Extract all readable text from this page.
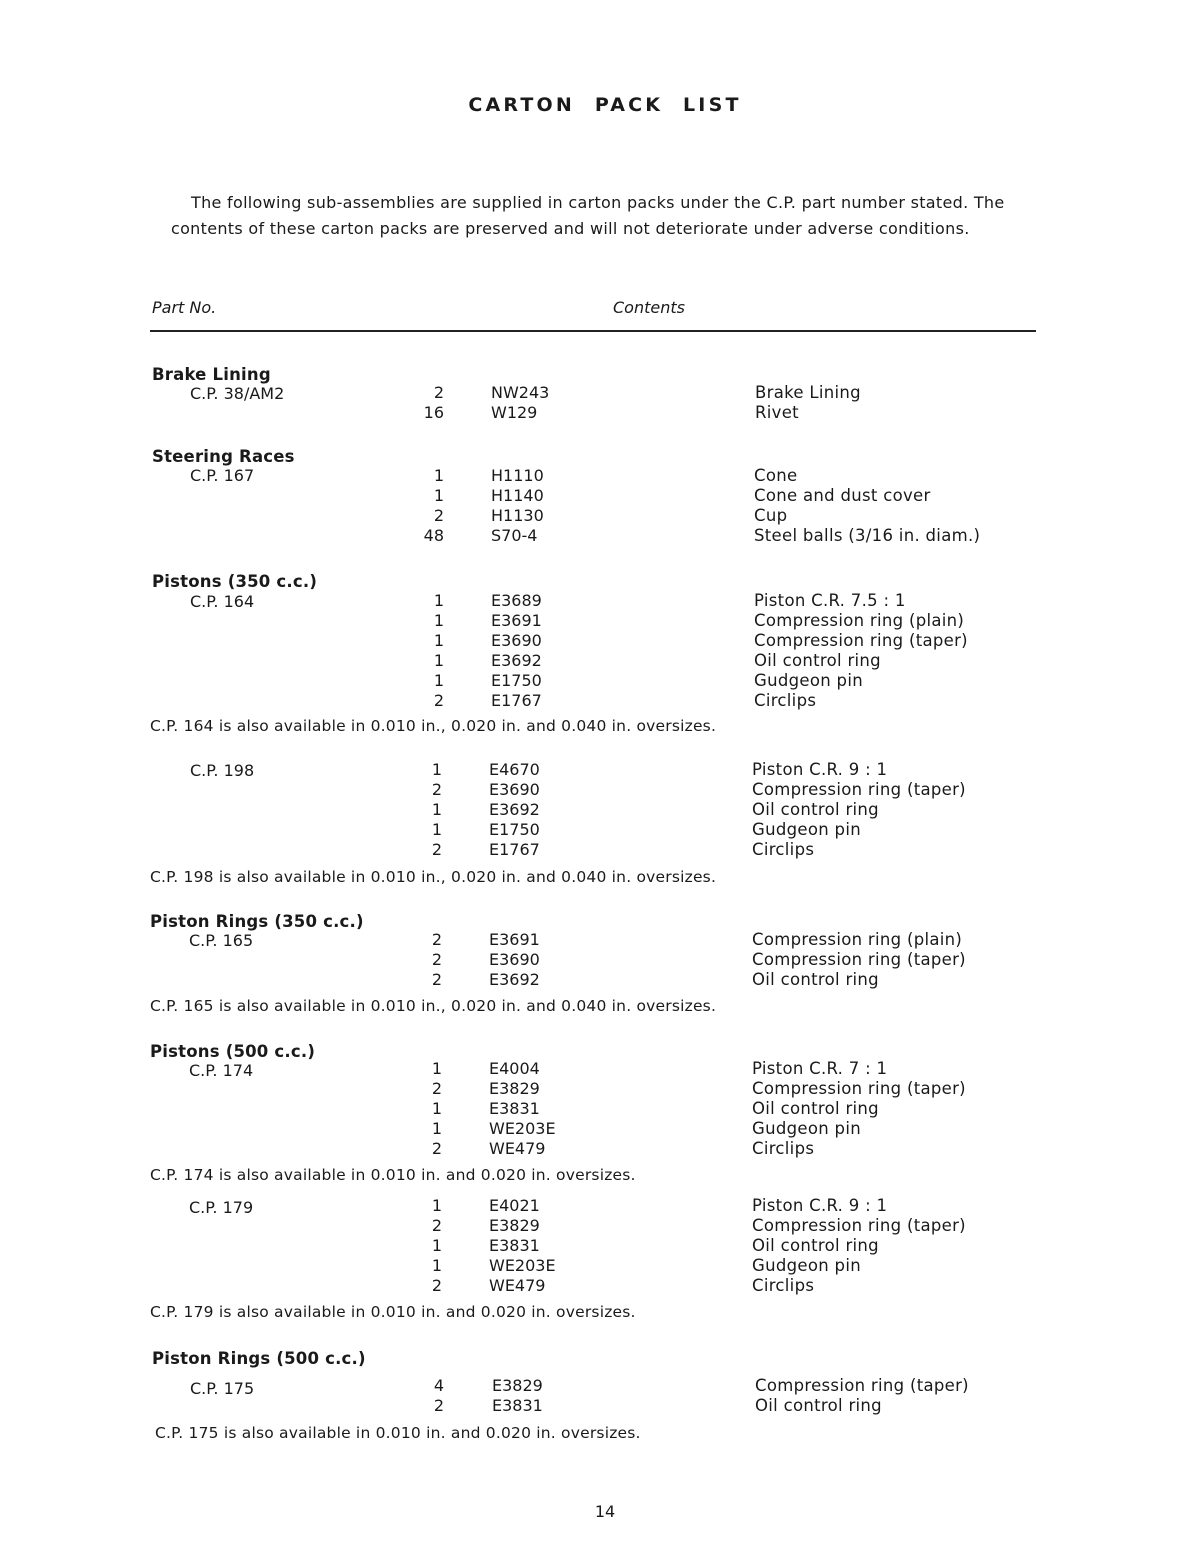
CARTON PACK LIST
The following sub-assemblies are supplied in carton packs under the C.P. part number stated. The
contents of these carton packs are preserved and will not deteriorate under adverse conditions.
Part No.	Contents
Brake Lining
C.P. 38/AM2	2	NW243	Brake Lining
16	W129	Rivet
Steering Races
C.P. 167	1	H1110	Cone
1	H1140	Cone and dust cover
2	H1130	Cup
48	S70-4	Steel balls (3/16 in. diam.)
Pistons (350 c.c.)
C.P. 164	1	E3689	Piston C.R. 7.5 : 1
1	E3691	Compression ring (plain)
1	E3690	Compression ring (taper)
1	E3692	Oil control ring
1	E1750	Gudgeon pin
2	E1767	Circlips
C.P. 164 is also available in 0.010 in., 0.020 in. and 0.040 in. oversizes.
C.P. 198	1	E4670	Piston C.R. 9 : 1
2	E3690	Compression ring (taper)
1	E3692	Oil control ring
1	E1750	Gudgeon pin
2	E1767	Circlips
C.P. 198 is also available in 0.010 in., 0.020 in. and 0.040 in. oversizes.
Piston Rings (350 c.c.)
C.P. 165	2	E3691	Compression ring (plain)
2	E3690	Compression ring (taper)
2	E3692	Oil control ring
C.P. 165 is also available in 0.010 in., 0.020 in. and 0.040 in. oversizes.
Pistons (500 c.c.)
C.P. 174	1	E4004	Piston C.R. 7 : 1
2	E3829	Compression ring (taper)
1	E3831	Oil control ring
1	WE203E	Gudgeon pin
2	WE479	Circlips
C.P. 174 is also available in 0.010 in. and 0.020 in. oversizes.
C.P. 179	1	E4021	Piston C.R. 9 : 1
2	E3829	Compression ring (taper)
1	E3831	Oil control ring
1	WE203E	Gudgeon pin
2	WE479	Circlips
C.P. 179 is also available in 0.010 in. and 0.020 in. oversizes.
Piston Rings (500 c.c.)
C.P. 175	4	E3829	Compression ring (taper)
2	E3831	Oil control ring
C.P. 175 is also available in 0.010 in. and 0.020 in. oversizes.
14
